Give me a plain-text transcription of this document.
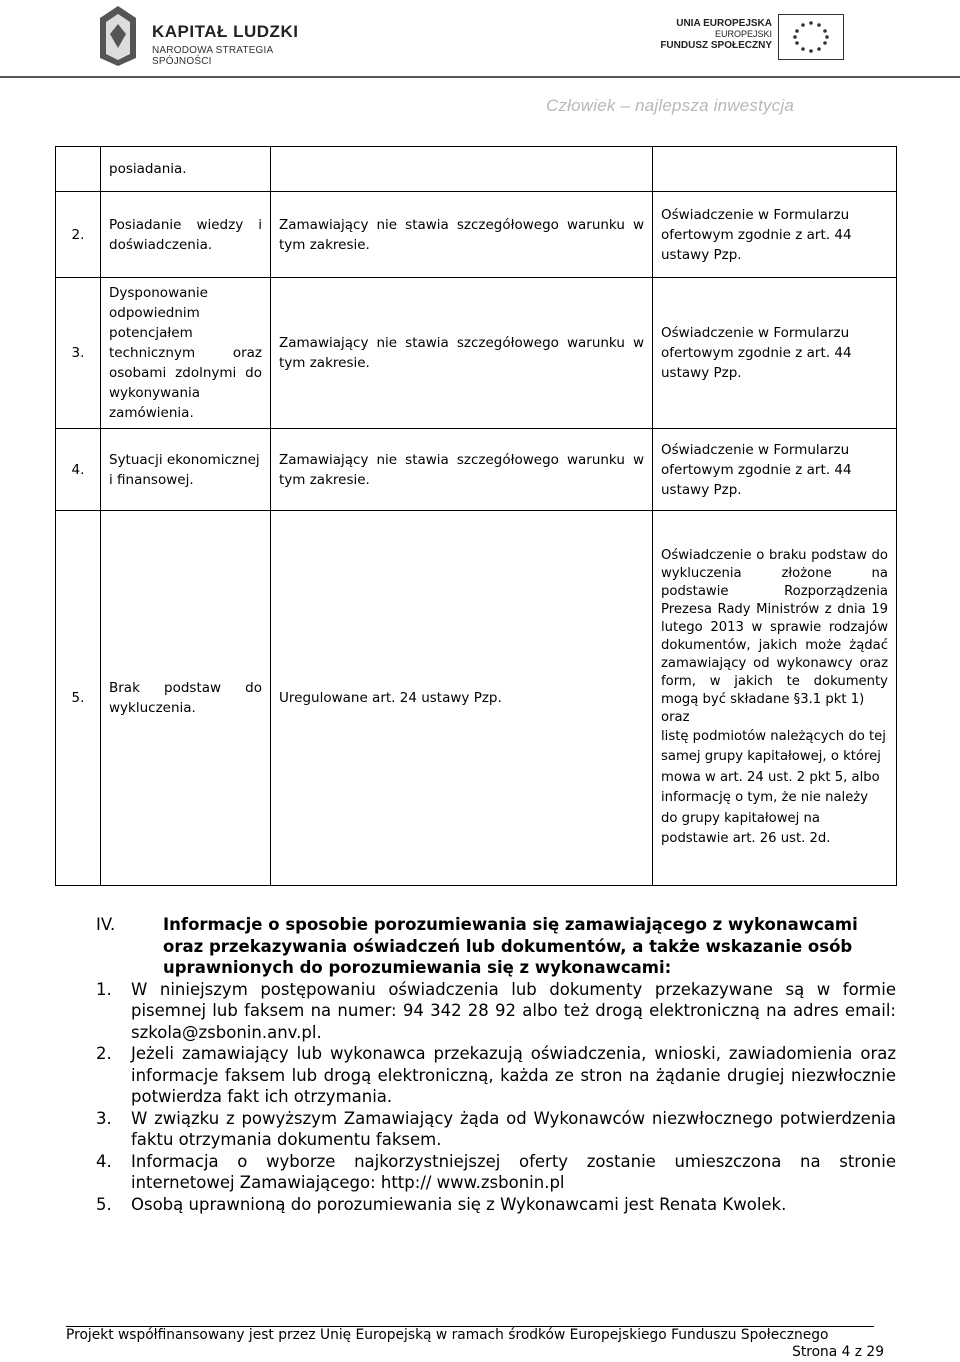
KAPITAŁ LUDZKI
NARODOWA STRATEGIA SPÓJNOŚCI
UNIA EUROPEJSKA
EUROPEJSKI
FUNDUSZ SPOŁECZNY
Człowiek – najlepsza inwestycja
	posiadania.		
2.	Posiadanie wiedzy i doświadczenia.	Zamawiający nie stawia szczegółowego warunku w tym zakresie.	Oświadczenie w Formularzu ofertowym zgodnie z art. 44 ustawy Pzp.
3.	Dysponowanie odpowiednim potencjałem technicznym oraz osobami zdolnymi do wykonywania zamówienia.	Zamawiający nie stawia szczegółowego warunku w tym zakresie.	Oświadczenie w Formularzu ofertowym zgodnie z art. 44 ustawy Pzp.
4.	Sytuacji ekonomicznej i finansowej.	Zamawiający nie stawia szczegółowego warunku w tym zakresie.	Oświadczenie w Formularzu ofertowym zgodnie z art. 44 ustawy Pzp.
5.	Brak podstaw do wykluczenia.	Uregulowane art. 24 ustawy Pzp.	Oświadczenie o braku podstaw do wykluczenia złożone na podstawie Rozporządzenia Prezesa Rady Ministrów z dnia 19 lutego 2013 w sprawie rodzajów dokumentów, jakich może żądać zamawiający od wykonawcy oraz form, w jakich te dokumenty mogą być składane §3.1 pkt 1)
oraz
listę podmiotów należących do tej samej grupy kapitałowej, o której mowa w art. 24 ust. 2 pkt 5, albo informację o tym, że nie należy do grupy kapitałowej na podstawie art. 26 ust. 2d.
IV.	Informacje o sposobie porozumiewania się zamawiającego z wykonawcami oraz przekazywania oświadczeń lub dokumentów, a także wskazanie osób uprawnionych do porozumiewania się z wykonawcami:
1.	W niniejszym postępowaniu oświadczenia lub dokumenty przekazywane są w formie pisemnej lub faksem na numer: 94 342 28 92 albo też drogą elektroniczną na adres email: szkola@zsbonin.anv.pl.
2.	Jeżeli zamawiający lub wykonawca przekazują oświadczenia, wnioski, zawiadomienia oraz informacje faksem lub drogą elektroniczną, każda ze stron na żądanie drugiej niezwłocznie potwierdza fakt ich otrzymania.
3.	W związku z powyższym Zamawiający żąda od Wykonawców niezwłocznego potwierdzenia faktu otrzymania dokumentu faksem.
4.	Informacja o wyborze najkorzystniejszej oferty zostanie umieszczona na stronie internetowej Zamawiającego: http:// www.zsbonin.pl
5.	Osobą uprawnioną do porozumiewania się z Wykonawcami jest Renata Kwolek.
Projekt współfinansowany jest przez Unię Europejską w ramach środków Europejskiego Funduszu Społecznego
Strona 4 z 29
